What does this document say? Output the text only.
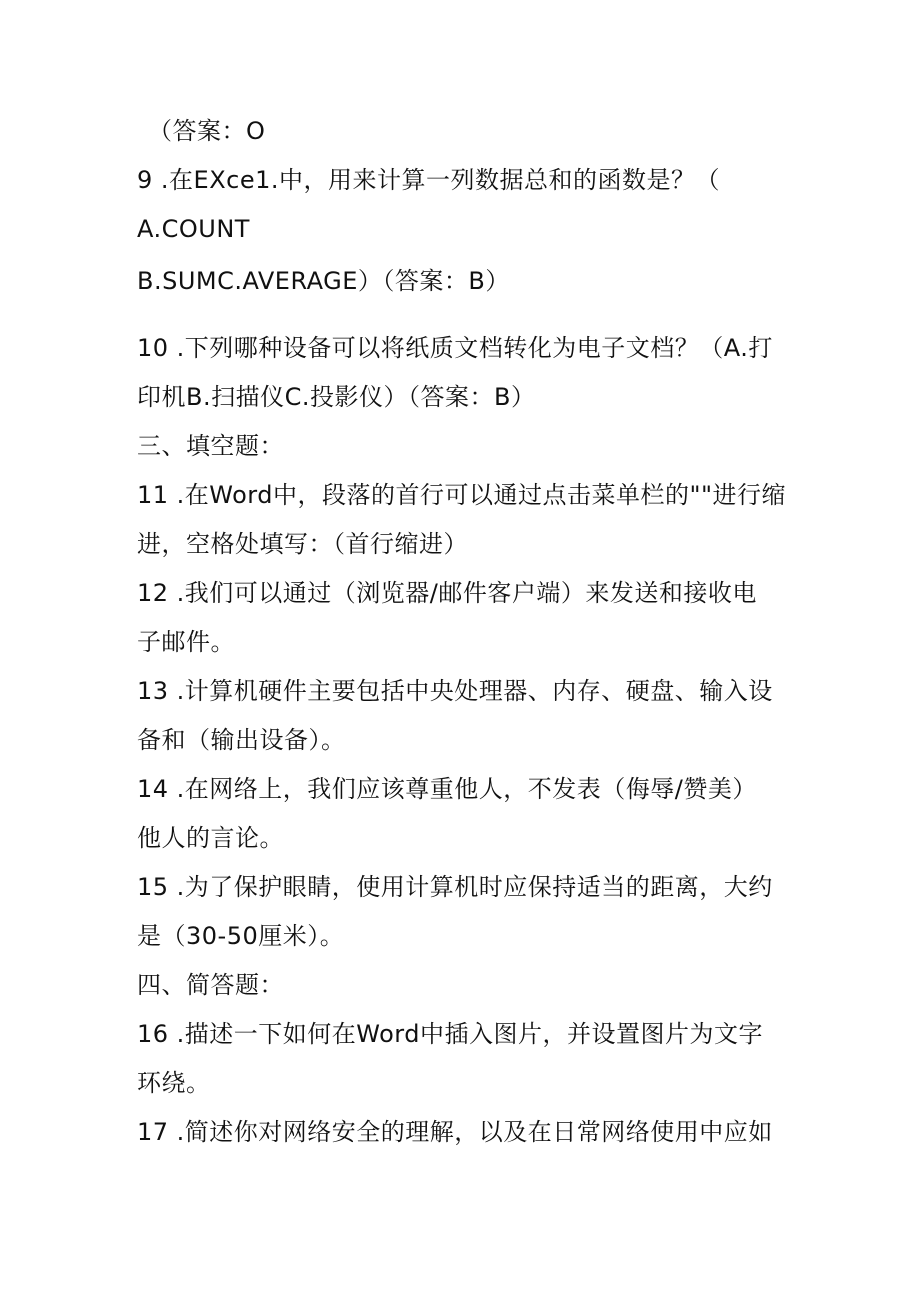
（答案：O
9 .在EXce1.中，用来计算一列数据总和的函数是？（
A.COUNT
B.SUMC.AVERAGE）（答案：B）
10 .下列哪种设备可以将纸质文档转化为电子文档？（A.打
印机B.扫描仪C.投影仪）（答案：B）
三、填空题：
11 .在Word中，段落的首行可以通过点击菜单栏的""进行缩
进，空格处填写：（首行缩进）
12 .我们可以通过（浏览器/邮件客户端）来发送和接收电
子邮件。
13 .计算机硬件主要包括中央处理器、内存、硬盘、输入设
备和（输出设备）。
14 .在网络上，我们应该尊重他人，不发表（侮辱/赞美）
他人的言论。
15 .为了保护眼睛，使用计算机时应保持适当的距离，大约
是（30-50厘米）。
四、简答题：
16 .描述一下如何在Word中插入图片，并设置图片为文字
环绕。
17 .简述你对网络安全的理解，以及在日常网络使用中应如
